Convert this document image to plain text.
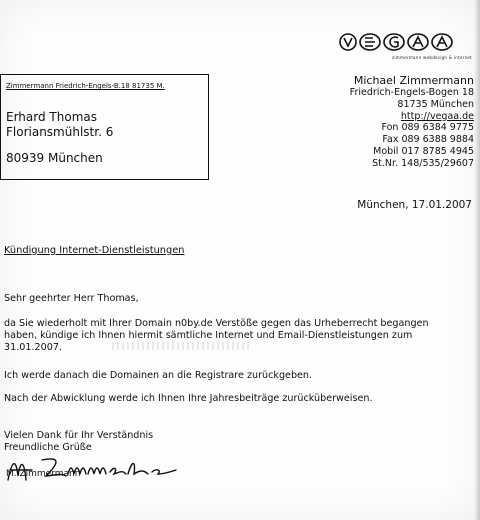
zimmermann webdesign & internet
Zimmermann Friedrich-Engels-B.18 81735 M.
Erhard Thomas
Floriansmühlstr. 6
80939 München
Michael Zimmermann
Friedrich-Engels-Bogen 18
81735 München
http://vegaa.de
Fon 089 6384 9775
Fax 089 6388 9884
Mobil 017 8785 4945
St.Nr. 148/535/29607
München, 17.01.2007
Kündigung Internet-Dienstleistungen
Sehr geehrter Herr Thomas,
da Sie wiederholt mit Ihrer Domain n0by.de Verstöße gegen das Urheberrecht begangen
haben, kündige ich Ihnen hiermit sämtliche Internet und Email-Dienstleistungen zum
31.01.2007.
Ich werde danach die Domainen an die Registrare zurückgeben.
Nach der Abwicklung werde ich Ihnen Ihre Jahresbeiträge zurücküberweisen.
Vielen Dank für Ihr Verständnis
Freundliche Grüße
M. Zimmermann
